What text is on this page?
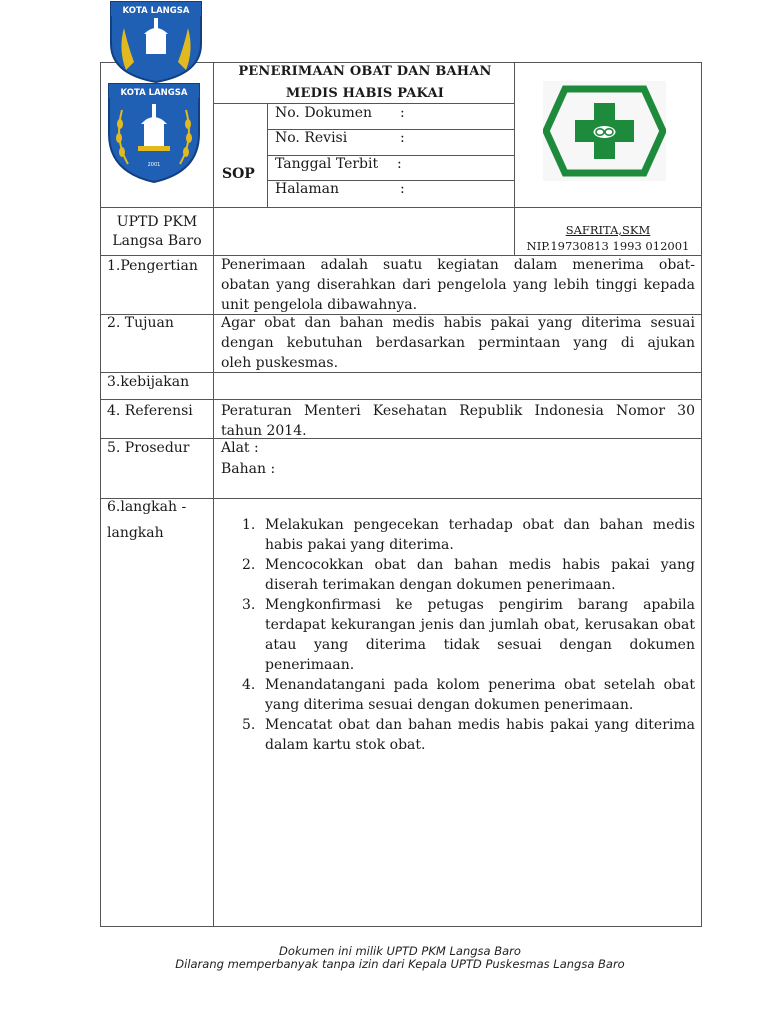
KOTA LANGSA
KOTA LANGSA
2001
PENERIMAAN OBAT DAN BAHAN
MEDIS HABIS PAKAI
SOP
No. Dokumen :
No. Revisi	:
Tanggal Terbit :
Halaman	:
UPTD PKM
Langsa Baro
SAFRITA,SKM
NIP.19730813 1993 012001
1.Pengertian
2. Tujuan
3.kebijakan
4. Referensi
5. Prosedur
6.langkah -
langkah
Penerimaan adalah suatu kegiatan dalam menerima obat-
obatan yang diserahkan dari pengelola yang lebih tinggi kepada
unit pengelola dibawahnya.
Agar obat dan bahan medis habis pakai yang diterima sesuai
dengan kebutuhan berdasarkan permintaan yang di ajukan
oleh puskesmas.
Peraturan Menteri Kesehatan Republik Indonesia Nomor 30
tahun 2014.
Alat :
Bahan :
1. Melakukan pengecekan terhadap obat dan bahan medis habis pakai yang diterima.
2. Mencocokkan obat dan bahan medis habis pakai yang diserah terimakan dengan dokumen penerimaan.
3. Mengkonfirmasi ke petugas pengirim barang apabila terdapat kekurangan jenis dan jumlah obat, kerusakan obat atau yang diterima tidak sesuai dengan dokumen penerimaan.
4. Menandatangani pada kolom penerima obat setelah obat yang diterima sesuai dengan dokumen penerimaan.
5. Mencatat obat dan bahan medis habis pakai yang diterima dalam kartu stok obat.
Dokumen ini milik UPTD PKM Langsa Baro
Dilarang memperbanyak tanpa izin dari Kepala UPTD Puskesmas Langsa Baro
